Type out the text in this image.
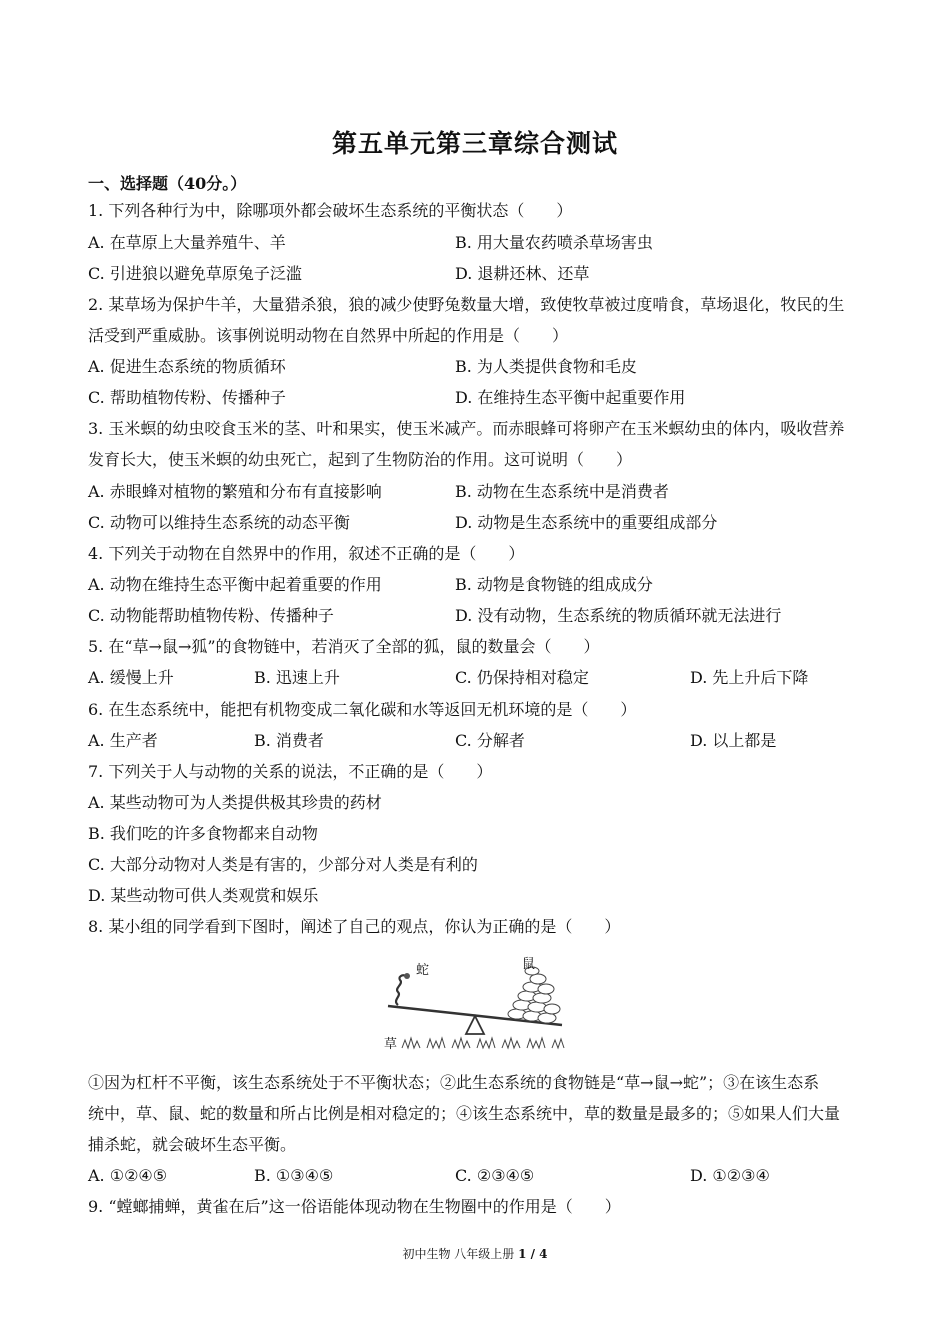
第五单元第三章综合测试
一、选择题（40分。）
1. 下列各种行为中，除哪项外都会破坏生态系统的平衡状态（　　）
A. 在草原上大量养殖牛、羊	B. 用大量农药喷杀草场害虫
C. 引进狼以避免草原兔子泛滥	D. 退耕还林、还草
2. 某草场为保护牛羊，大量猎杀狼，狼的减少使野兔数量大增，致使牧草被过度啃食，草场退化，牧民的生
活受到严重威胁。该事例说明动物在自然界中所起的作用是（　　）
A. 促进生态系统的物质循环	B. 为人类提供食物和毛皮
C. 帮助植物传粉、传播种子	D. 在维持生态平衡中起重要作用
3. 玉米螟的幼虫咬食玉米的茎、叶和果实，使玉米减产。而赤眼蜂可将卵产在玉米螟幼虫的体内，吸收营养
发育长大，使玉米螟的幼虫死亡，起到了生物防治的作用。这可说明（　　）
A. 赤眼蜂对植物的繁殖和分布有直接影响	B. 动物在生态系统中是消费者
C. 动物可以维持生态系统的动态平衡	D. 动物是生态系统中的重要组成部分
4. 下列关于动物在自然界中的作用，叙述不正确的是（　　）
A. 动物在维持生态平衡中起着重要的作用	B. 动物是食物链的组成成分
C. 动物能帮助植物传粉、传播种子	D. 没有动物，生态系统的物质循环就无法进行
5. 在“草→鼠→狐”的食物链中，若消灭了全部的狐，鼠的数量会（　　）
A. 缓慢上升	B. 迅速上升	C. 仍保持相对稳定	D. 先上升后下降
6. 在生态系统中，能把有机物变成二氧化碳和水等返回无机环境的是（　　）
A. 生产者	B. 消费者	C. 分解者	D. 以上都是
7. 下列关于人与动物的关系的说法，不正确的是（　　）
A. 某些动物可为人类提供极其珍贵的药材
B. 我们吃的许多食物都来自动物
C. 大部分动物对人类是有害的，少部分对人类是有利的
D. 某些动物可供人类观赏和娱乐
8. 某小组的同学看到下图时，阐述了自己的观点，你认为正确的是（　　）
蛇	鼠
草
①因为杠杆不平衡，该生态系统处于不平衡状态；②此生态系统的食物链是“草→鼠→蛇”；③在该生态系
统中，草、鼠、蛇的数量和所占比例是相对稳定的；④该生态系统中，草的数量是最多的；⑤如果人们大量
捕杀蛇，就会破坏生态平衡。
A. ①②④⑤	B. ①③④⑤	C. ②③④⑤	D. ①②③④
9. “螳螂捕蝉，黄雀在后”这一俗语能体现动物在生物圈中的作用是（　　）
初中生物 八年级上册 1 / 4
